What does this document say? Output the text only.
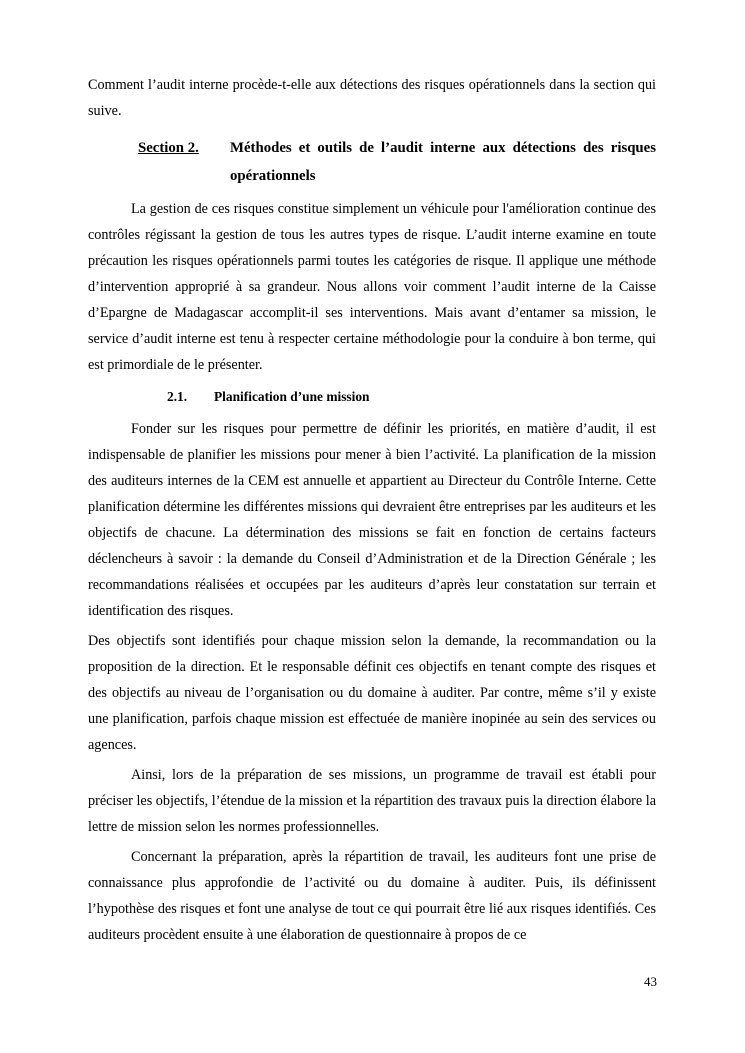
Comment l’audit interne procède-t-elle aux détections des risques opérationnels dans la section qui suive.

Section 2.	Méthodes et outils de l’audit interne aux détections des risques opérationnels

La gestion de ces risques constitue simplement un véhicule pour l'amélioration continue des contrôles régissant la gestion de tous les autres types de risque. L’audit interne examine en toute précaution les risques opérationnels parmi toutes les catégories de risque. Il applique une méthode d’intervention approprié à sa grandeur. Nous allons voir comment l’audit interne de la Caisse d’Epargne de Madagascar accomplit-il ses interventions. Mais avant d’entamer sa mission, le service d’audit interne est tenu à respecter certaine méthodologie pour la conduire à bon terme, qui est primordiale de le présenter.

2.1.	Planification d’une mission

Fonder sur les risques pour permettre de définir les priorités, en matière d’audit, il est indispensable de planifier les missions pour mener à bien l’activité. La planification de la mission des auditeurs internes de la CEM est annuelle et appartient au Directeur du Contrôle Interne. Cette planification détermine les différentes missions qui devraient être entreprises par les auditeurs et les objectifs de chacune. La détermination des missions se fait en fonction de certains facteurs déclencheurs à savoir : la demande du Conseil d’Administration et de la Direction Générale ; les recommandations réalisées et occupées par les auditeurs d’après leur constatation sur terrain et identification des risques.

Des objectifs sont identifiés pour chaque mission selon la demande, la recommandation ou la proposition de la direction. Et le responsable définit ces objectifs en tenant compte des risques et des objectifs au niveau de l’organisation ou du domaine à auditer. Par contre, même s’il y existe une planification, parfois chaque mission est effectuée de manière inopinée au sein des services ou agences.

Ainsi, lors de la préparation de ses missions, un programme de travail est établi pour préciser les objectifs, l’étendue de la mission et la répartition des travaux puis la direction élabore la lettre de mission selon les normes professionnelles.

Concernant la préparation, après la répartition de travail, les auditeurs font une prise de connaissance plus approfondie de l’activité ou du domaine à auditer. Puis, ils définissent l’hypothèse des risques et font une analyse de tout ce qui pourrait être lié aux risques identifiés. Ces auditeurs procèdent ensuite à une élaboration de questionnaire à propos de ce

43
